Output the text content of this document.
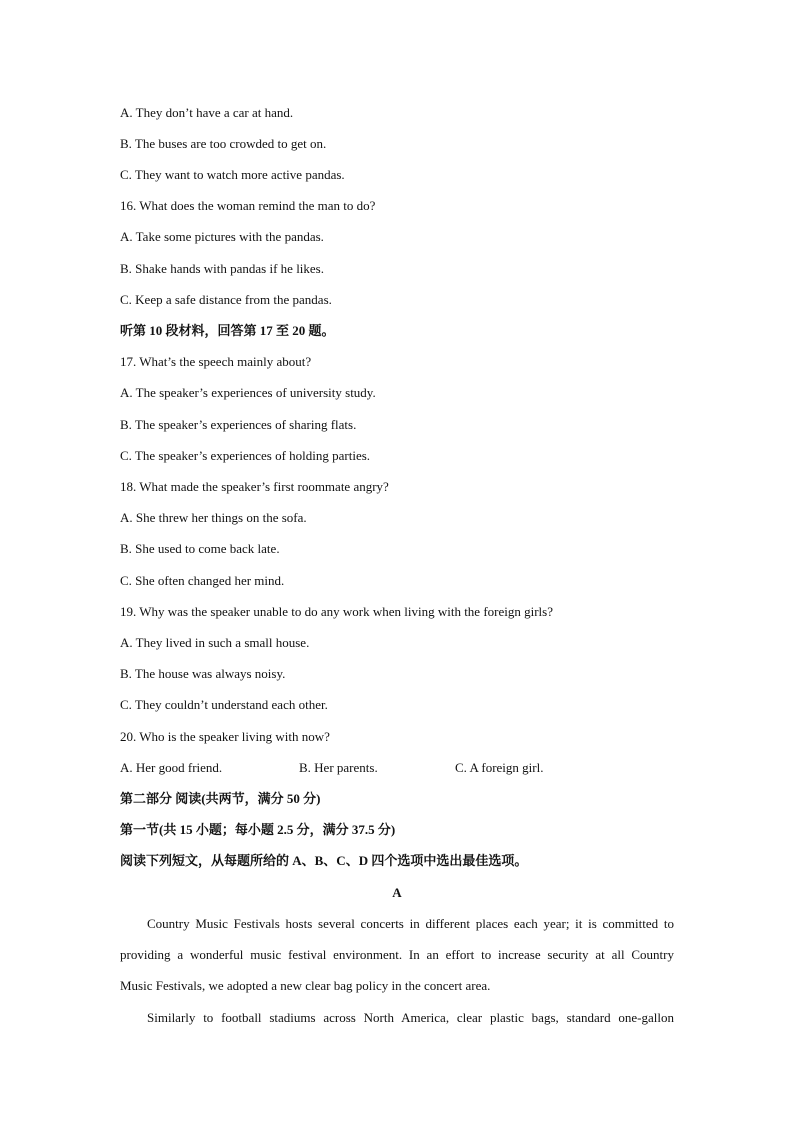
A. They don’t have a car at hand.

B. The buses are too crowded to get on.

C. They want to watch more active pandas.

16. What does the woman remind the man to do?

A. Take some pictures with the pandas.

B. Shake hands with pandas if he likes.

C. Keep a safe distance from the pandas.

听第 10 段材料，回答第 17 至 20 题。

17. What’s the speech mainly about?

A. The speaker’s experiences of university study.

B. The speaker’s experiences of sharing flats.

C. The speaker’s experiences of holding parties.

18. What made the speaker’s first roommate angry?

A. She threw her things on the sofa.

B. She used to come back late.

C. She often changed her mind.

19. Why was the speaker unable to do any work when living with the foreign girls?

A. They lived in such a small house.

B. The house was always noisy.

C. They couldn’t understand each other.

20. Who is the speaker living with now?

A. Her good friend.	B. Her parents.	C. A foreign girl.

第二部分 阅读(共两节，满分 50 分)

第一节(共 15 小题；每小题 2.5 分，满分 37.5 分)

阅读下列短文，从每题所给的 A、B、C、D 四个选项中选出最佳选项。

A

Country Music Festivals hosts several concerts in different places each year; it is committed to
providing a wonderful music festival environment. In an effort to increase security at all Country
Music Festivals, we adopted a new clear bag policy in the concert area.
Similarly to football stadiums across North America, clear plastic bags, standard one-gallon
